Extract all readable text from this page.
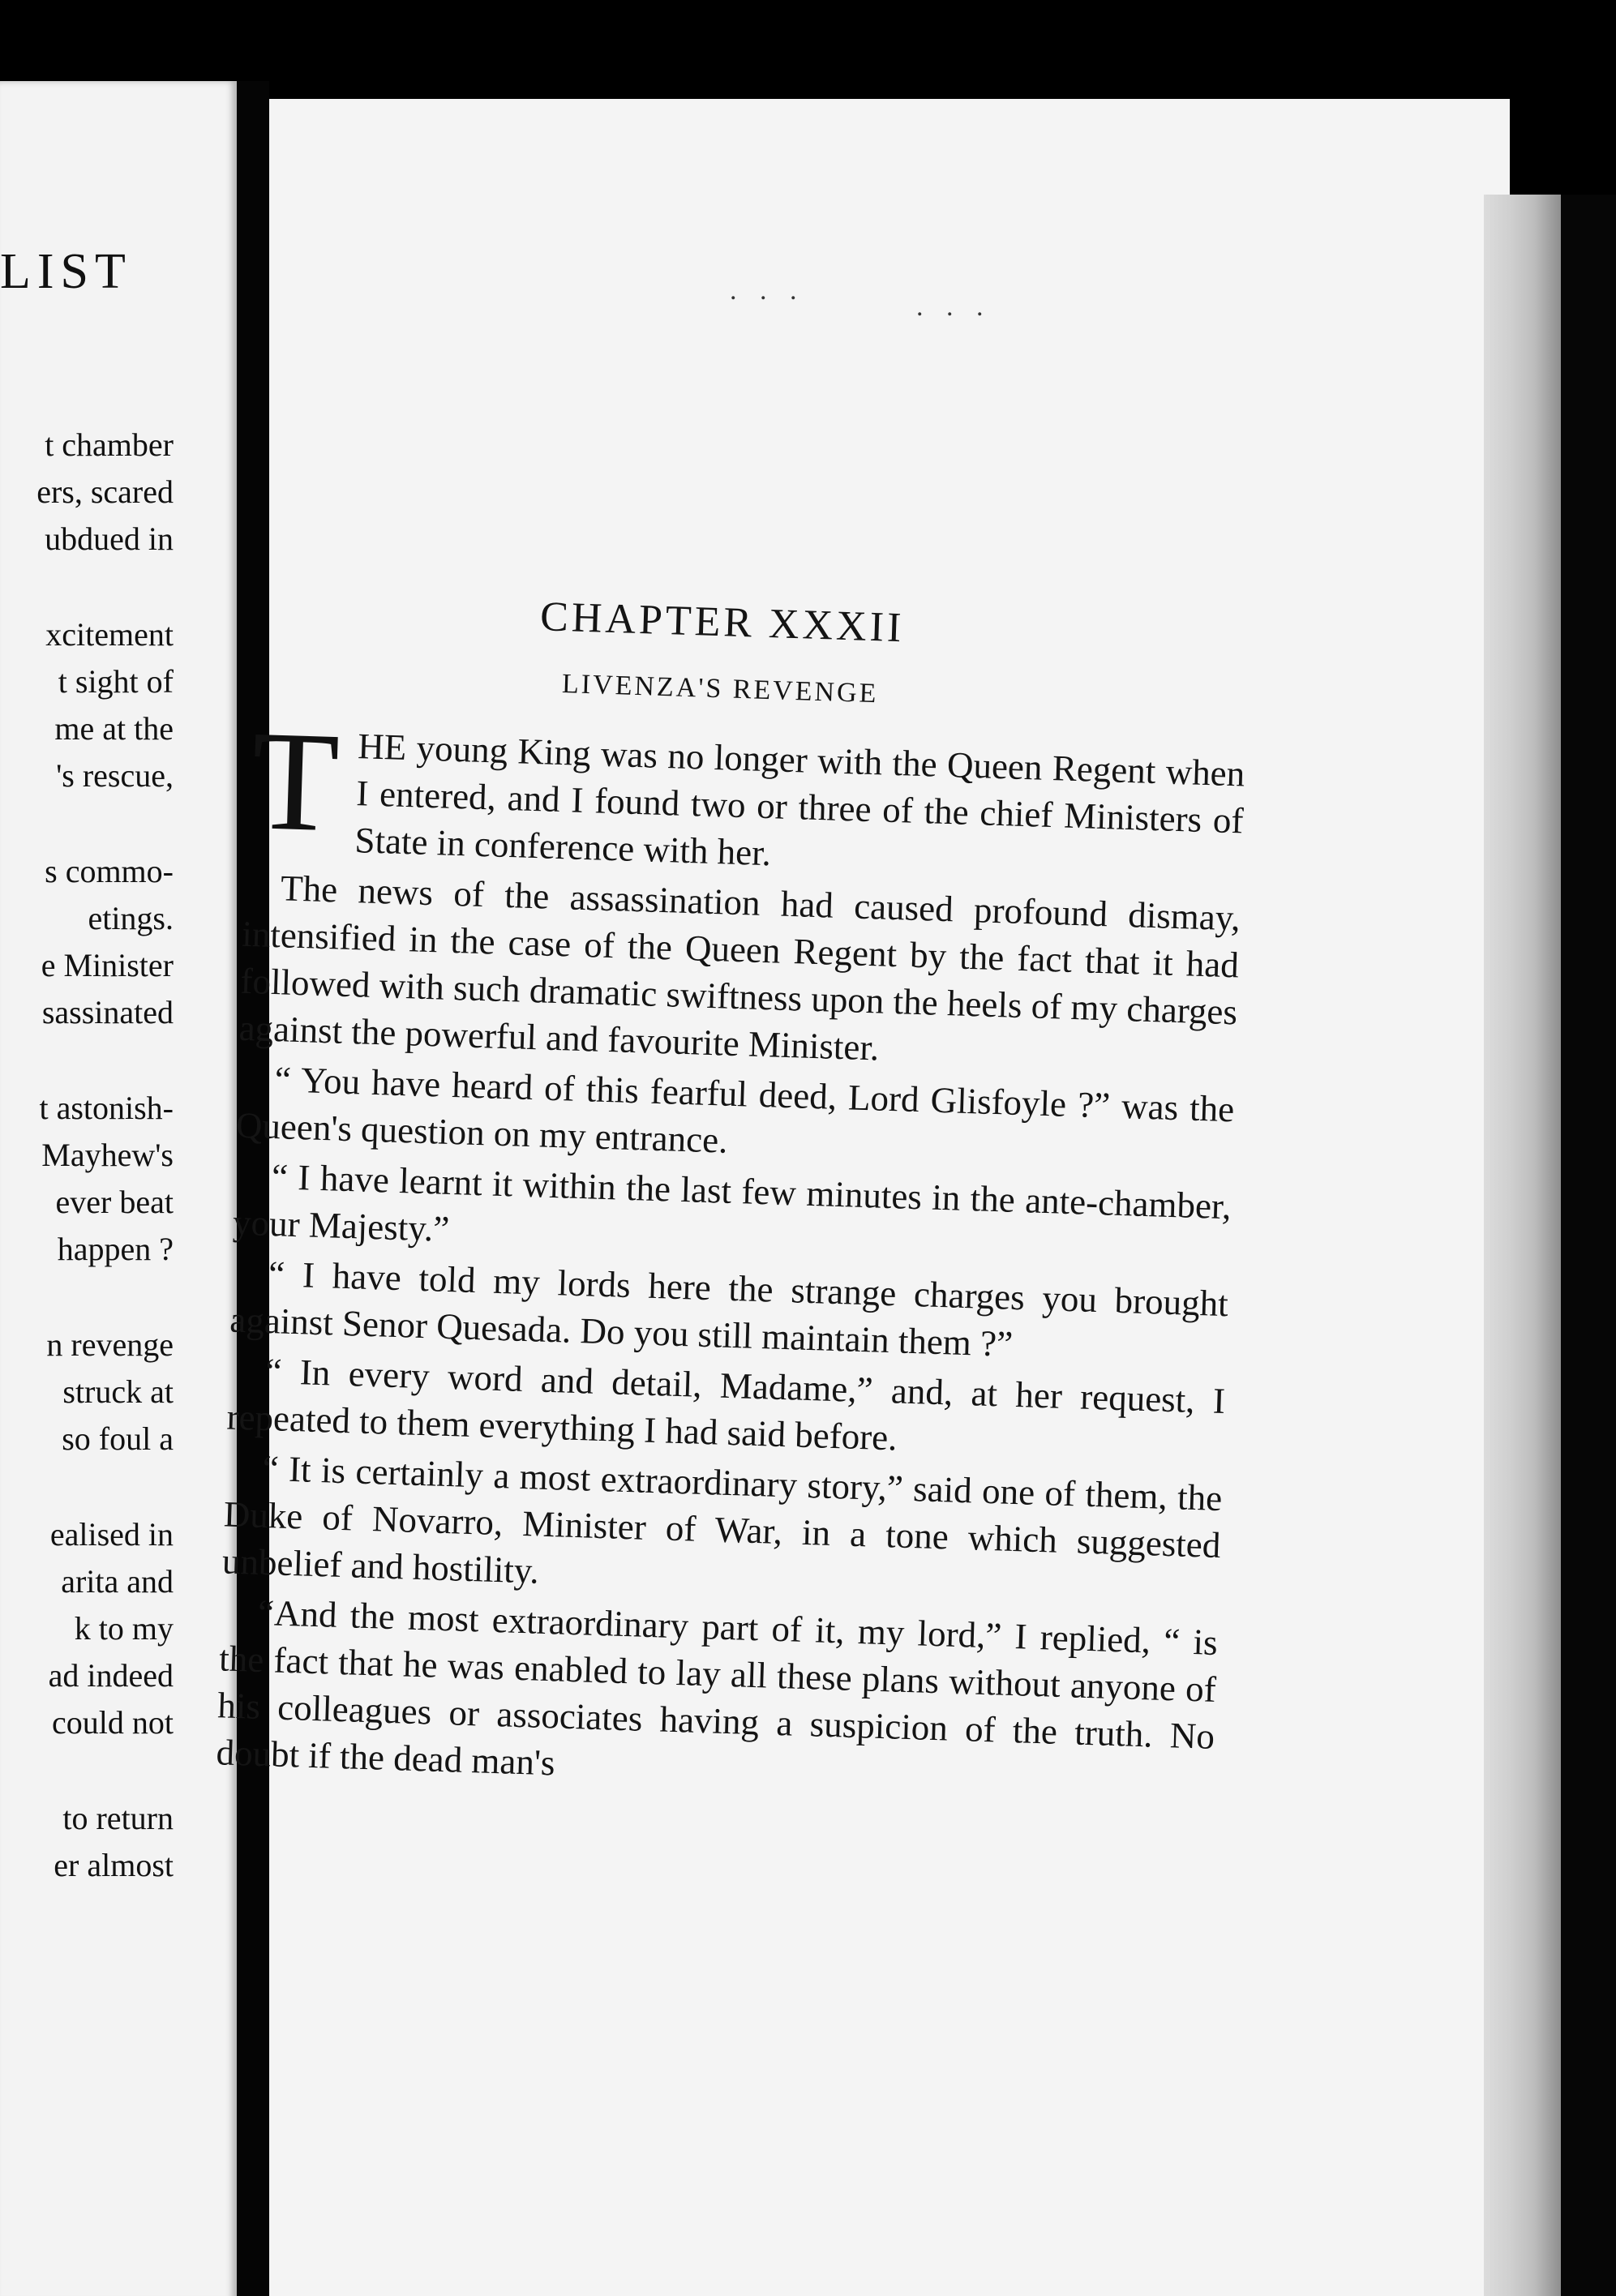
LIST
t chamber
ers, scared
ubdued in
xcitement
t sight of
me at the
's rescue,
s commo-
etings.
e Minister
sassinated
t astonish-
Mayhew's
ever beat
happen ?
n revenge
struck at
so foul a
ealised in
arita and
k to my
ad indeed
could not
to return
er almost
. . .
. . .
CHAPTER XXXII
LIVENZA'S REVENGE

THE young King was no longer with the Queen Regent when I entered, and I found two or three of the chief Ministers of State in conference with her.

The news of the assassination had caused profound dismay, intensified in the case of the Queen Regent by the fact that it had followed with such dramatic swiftness upon the heels of my charges against the powerful and favourite Minister.

“ You have heard of this fearful deed, Lord Glisfoyle ?” was the Queen's question on my entrance.

“ I have learnt it within the last few minutes in the ante-chamber, your Majesty.”

“ I have told my lords here the strange charges you brought against Senor Quesada. Do you still maintain them ?”

“ In every word and detail, Madame,” and, at her request, I repeated to them everything I had said before.

“ It is certainly a most extraordinary story,” said one of them, the Duke of Novarro, Minister of War, in a tone which suggested unbelief and hostility.

“And the most extraordinary part of it, my lord,” I replied, “ is the fact that he was enabled to lay all these plans without anyone of his colleagues or associates having a suspicion of the truth. No doubt if the dead man's
